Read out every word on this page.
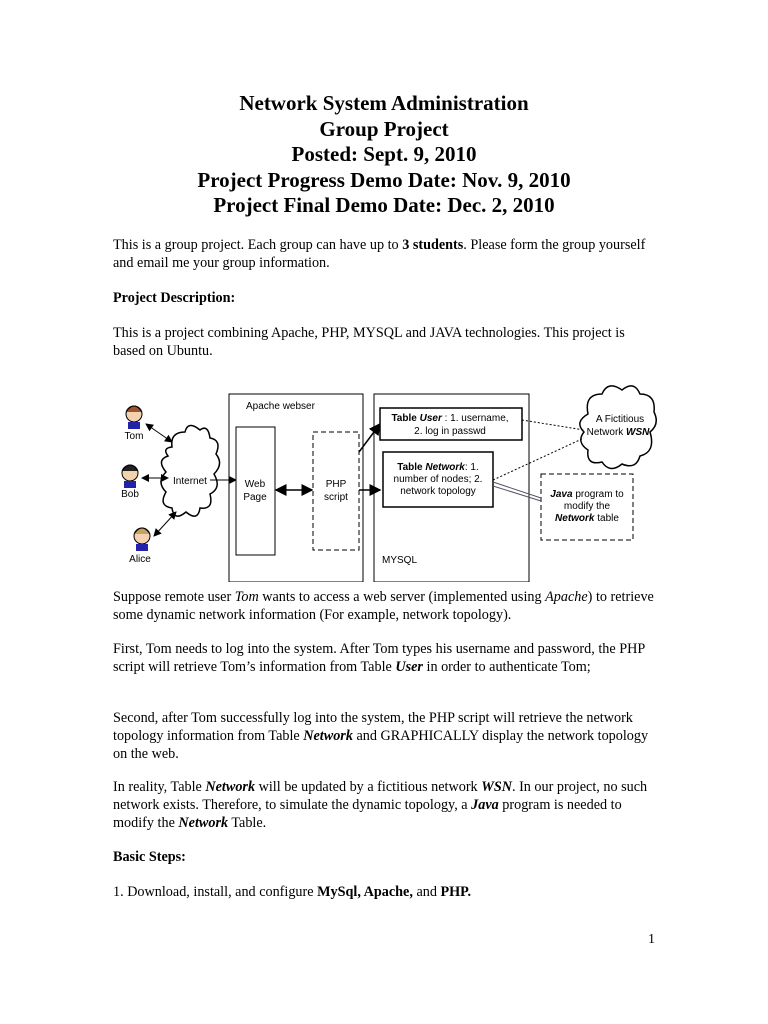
Network System Administration
Group Project
Posted: Sept. 9, 2010
Project Progress Demo Date: Nov. 9, 2010
Project Final Demo Date: Dec. 2, 2010

This is a group project. Each group can have up to 3 students. Please form the group yourself and email me your group information.

Project Description:

This is a project combining Apache, PHP, MYSQL and JAVA technologies. This project is based on Ubuntu.

Tom
Bob
Alice
Internet
Apache webser
Web
Page
PHP
script
MYSQL
Table User : 1. username,
2. log in passwd
Table Network: 1.
number of nodes; 2.
network topology
A Fictitious
Network WSN
Java program to
modify the
Network table

Suppose remote user Tom wants to access a web server (implemented using Apache) to retrieve some dynamic network information (For example, network topology).

First, Tom needs to log into the system. After Tom types his username and password, the PHP script will retrieve Tom’s information from Table User in order to authenticate Tom;

Second, after Tom successfully log into the system, the PHP script will retrieve the network topology information from Table Network and GRAPHICALLY display the network topology on the web.

In reality, Table Network will be updated by a fictitious network WSN. In our project, no such network exists. Therefore, to simulate the dynamic topology, a Java program is needed to modify the Network Table.

Basic Steps:

1. Download, install, and configure MySql, Apache, and PHP.

1
